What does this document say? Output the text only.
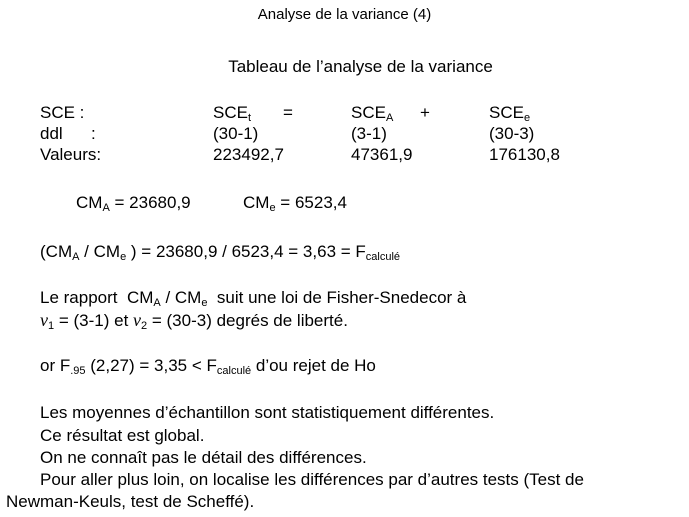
Analyse de la variance (4)
Tableau de l’analyse de la variance
SCE :	$SCE_t$ =	$SCE_A$ +	$SCE_e$
ddl      :	(30-1)	(3-1)	(30-3)
Valeurs:	223492,7	47361,9	176130,8
$CM_A = 23680,9$	$CM_e = 6523,4$
($CM_A / CM_e$ ) = $23680,9 / 6523,4 = 3,63 = F_{calculé}$
Le rapport  $CM_A / CM_e$  suit une loi de Fisher-Snedecor à
$\nu_1 = (3-1)$ et $\nu_2 = (30-3)$ degrés de liberté.
or $F_{.95}$ $(2,27) = 3,35 < F_{calculé}$ d’ou rejet de Ho
Les moyennes d’échantillon sont statistiquement différentes.
Ce résultat est global.
On ne connaît pas le détail des différences.
Pour aller plus loin, on localise les différences par d’autres tests (Test de
Newman-Keuls, test de Scheffé).
